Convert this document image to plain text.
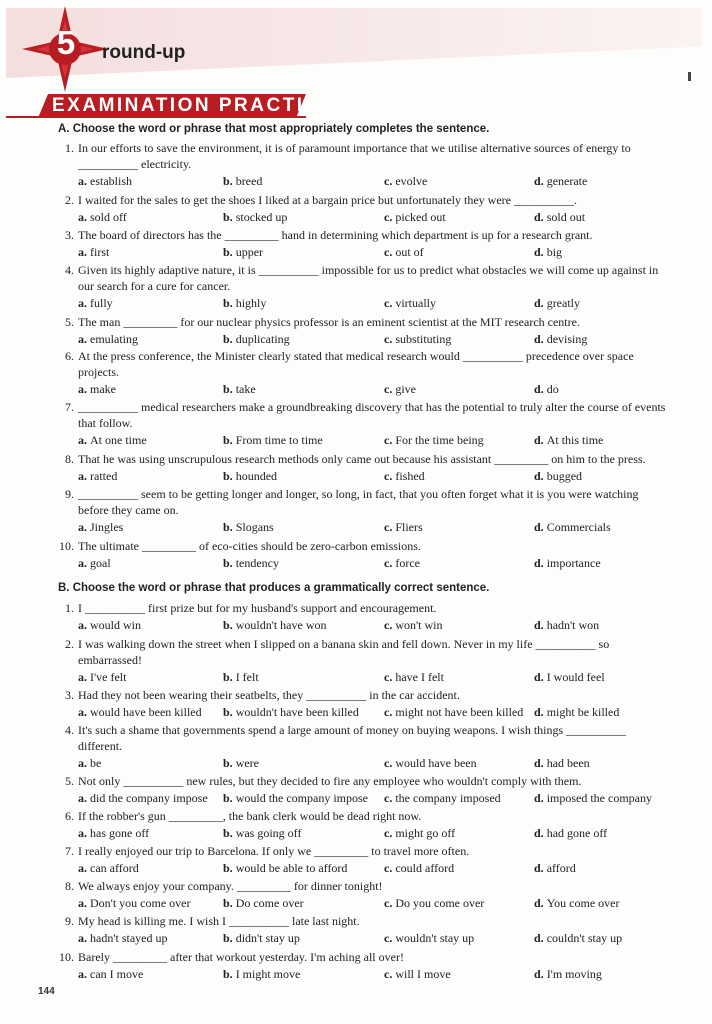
5	round-up
EXAMINATION PRACTICE
A. Choose the word or phrase that most appropriately completes the sentence.
1. In our efforts to save the environment, it is of paramount importance that we utilise alternative sources of energy to __________ electricity.
a. establish	b. breed	c. evolve	d. generate
2. I waited for the sales to get the shoes I liked at a bargain price but unfortunately they were __________.
a. sold off	b. stocked up	c. picked out	d. sold out
3. The board of directors has the _________ hand in determining which department is up for a research grant.
a. first	b. upper	c. out of	d. big
4. Given its highly adaptive nature, it is __________ impossible for us to predict what obstacles we will come up against in our search for a cure for cancer.
a. fully	b. highly	c. virtually	d. greatly
5. The man _________ for our nuclear physics professor is an eminent scientist at the MIT research centre.
a. emulating	b. duplicating	c. substituting	d. devising
6. At the press conference, the Minister clearly stated that medical research would __________ precedence over space projects.
a. make	b. take	c. give	d. do
7. __________ medical researchers make a groundbreaking discovery that has the potential to truly alter the course of events that follow.
a. At one time	b. From time to time	c. For the time being	d. At this time
8. That he was using unscrupulous research methods only came out because his assistant _________ on him to the press.
a. ratted	b. hounded	c. fished	d. bugged
9. __________ seem to be getting longer and longer, so long, in fact, that you often forget what it is you were watching before they came on.
a. Jingles	b. Slogans	c. Fliers	d. Commercials
10. The ultimate _________ of eco-cities should be zero-carbon emissions.
a. goal	b. tendency	c. force	d. importance
B. Choose the word or phrase that produces a grammatically correct sentence.
1. I __________ first prize but for my husband's support and encouragement.
a. would win	b. wouldn't have won	c. won't win	d. hadn't won
2. I was walking down the street when I slipped on a banana skin and fell down. Never in my life __________ so embarrassed!
a. I've felt	b. I felt	c. have I felt	d. I would feel
3. Had they not been wearing their seatbelts, they __________ in the car accident.
a. would have been killed b. wouldn't have been killed c. might not have been killed d. might be killed
4. It's such a shame that governments spend a large amount of money on buying weapons. I wish things __________ different.
a. be	b. were	c. would have been	d. had been
5. Not only __________ new rules, but they decided to fire any employee who wouldn't comply with them.
a. did the company impose b. would the company impose c. the company imposed	d. imposed the company
6. If the robber's gun _________, the bank clerk would be dead right now.
a. has gone off	b. was going off	c. might go off	d. had gone off
7. I really enjoyed our trip to Barcelona. If only we _________ to travel more often.
a. can afford	b. would be able to afford	c. could afford	d. afford
8. We always enjoy your company. _________ for dinner tonight!
a. Don't you come over	b. Do come over	c. Do you come over	d. You come over
9. My head is killing me. I wish I __________ late last night.
a. hadn't stayed up	b. didn't stay up	c. wouldn't stay up	d. couldn't stay up
10. Barely _________ after that workout yesterday. I'm aching all over!
a. can I move	b. I might move	c. will I move	d. I'm moving
144
